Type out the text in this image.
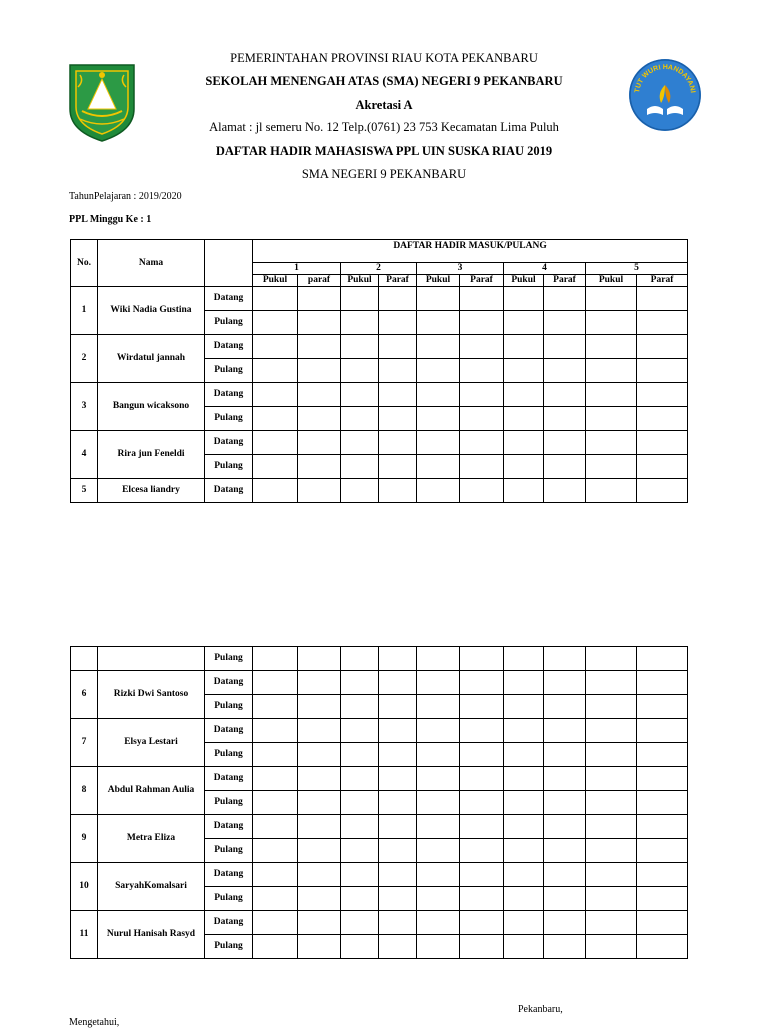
TUT WURI HANDAYANI
PEMERINTAHAN PROVINSI RIAU KOTA PEKANBARU
SEKOLAH MENENGAH ATAS (SMA) NEGERI 9 PEKANBARU
Akretasi A
Alamat : jl semeru No. 12 Telp.(0761) 23 753 Kecamatan Lima Puluh
DAFTAR HADIR MAHASISWA PPL UIN SUSKA RIAU 2019
SMA NEGERI 9 PEKANBARU
TahunPelajaran : 2019/2020
PPL Minggu Ke : 1
No.	Nama		DAFTAR HADIR MASUK/PULANG									
			1		2		3		4		5	
			Pukul	paraf	Pukul	Paraf	Pukul	Paraf	Pukul	Paraf	Pukul	Paraf
1	Wiki Nadia Gustina	Datang										
		Pulang										
2	Wirdatul jannah	Datang										
		Pulang										
3	Bangun wicaksono	Datang										
		Pulang										
4	Rira jun Feneldi	Datang										
		Pulang										
5	Elcesa liandry	Datang										
		Pulang										
6	Rizki Dwi Santoso	Datang										
		Pulang										
7	Elsya Lestari	Datang										
		Pulang										
8	Abdul Rahman Aulia	Datang										
		Pulang										
9	Metra Eliza	Datang										
		Pulang										
10	SaryahKomalsari	Datang										
		Pulang										
11	Nurul Hanisah Rasyd	Datang										
		Pulang										
Pekanbaru,
Mengetahui,
